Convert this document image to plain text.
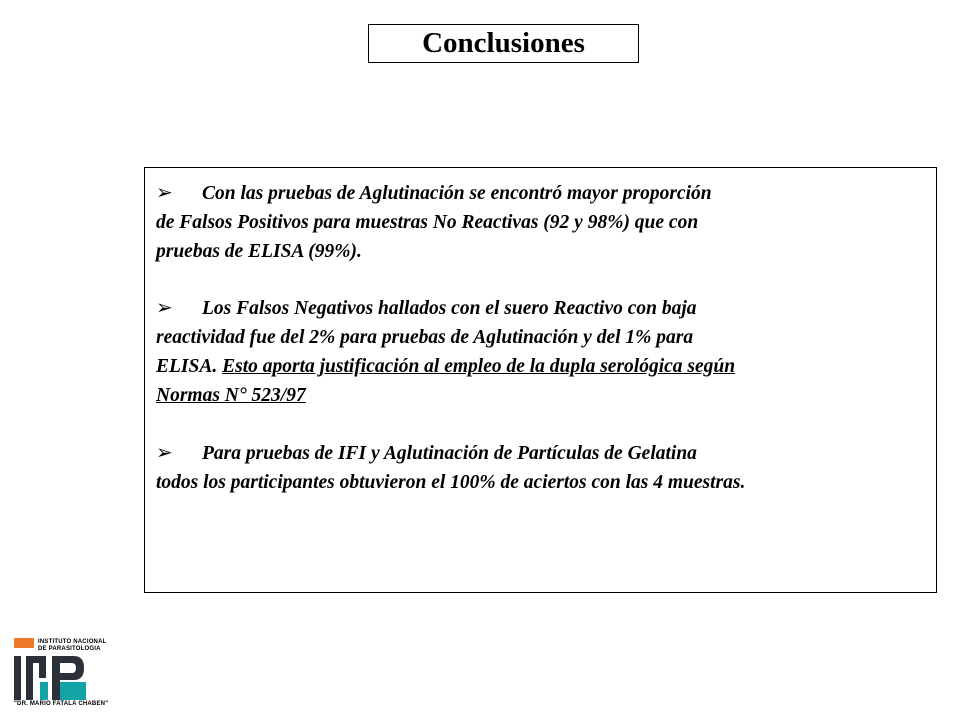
Conclusiones

➢ Con las pruebas de Aglutinación se encontró mayor proporción

de Falsos Positivos para muestras No Reactivas (92 y 98%) que con

pruebas de ELISA (99%).

➢ Los Falsos Negativos hallados con el suero Reactivo con baja

reactividad fue del 2% para pruebas de Aglutinación y del 1% para

ELISA. Esto aporta justificación al empleo de la dupla serológica según

Normas N° 523/97

➢ Para pruebas de IFI y Aglutinación de Partículas de Gelatina

todos los participantes obtuvieron el 100% de aciertos con las 4 muestras.

INSTITUTO NACIONAL
DE PARASITOLOGIA
"DR. MARIO FATALA CHABEN"
